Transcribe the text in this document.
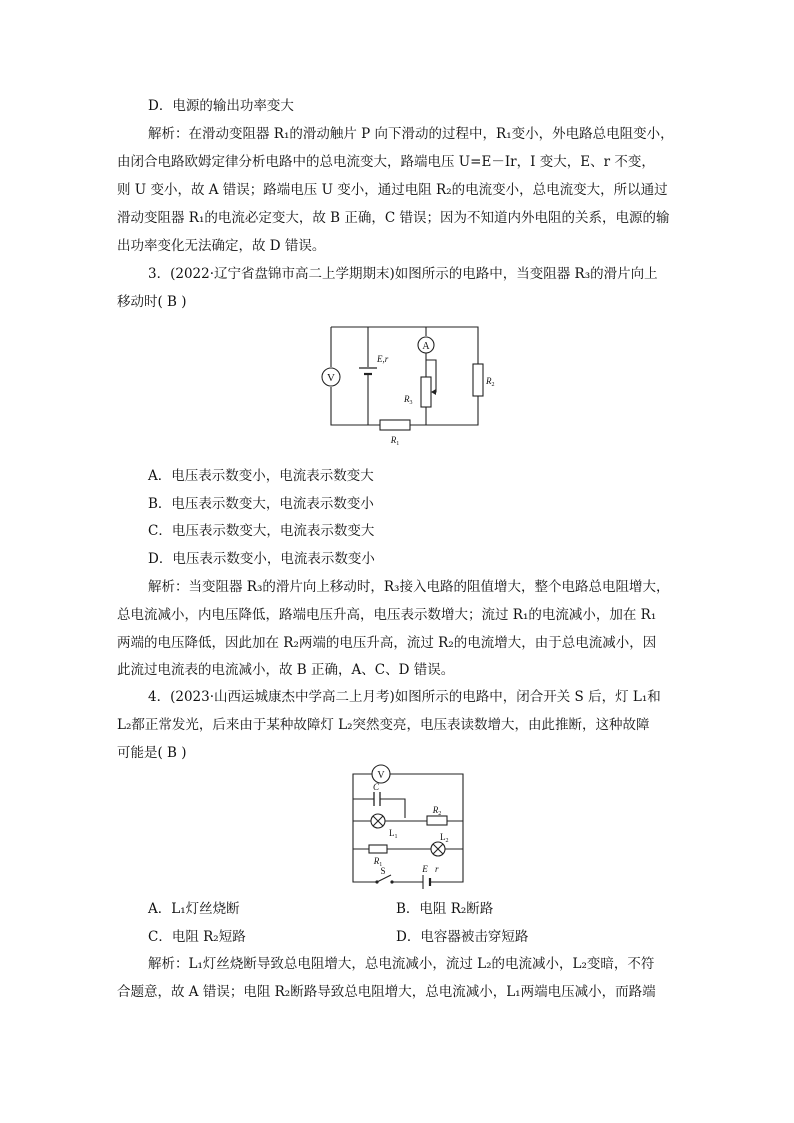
D．电源的输出功率变大
解析：在滑动变阻器 R₁的滑动触片 P 向下滑动的过程中，R₁变小，外电路总电阻变小，
由闭合电路欧姆定律分析电路中的总电流变大，路端电压 U=E－Ir，I 变大，E、r 不变，
则 U 变小，故 A 错误；路端电压 U 变小，通过电阻 R₂的电流变小，总电流变大，所以通过
滑动变阻器 R₁的电流必定变大，故 B 正确，C 错误；因为不知道内外电阻的关系，电源的输
出功率变化无法确定，故 D 错误。
3．(2022·辽宁省盘锦市高二上学期期末)如图所示的电路中，当变阻器 R₃的滑片向上
移动时( B )
V
E,r
A
$R_3$
$R_2$
$R_1$
A．电压表示数变小，电流表示数变大
B．电压表示数变大，电流表示数变小
C．电压表示数变大，电流表示数变大
D．电压表示数变小，电流表示数变小
解析：当变阻器 R₃的滑片向上移动时，R₃接入电路的阻值增大，整个电路总电阻增大，
总电流减小，内电压降低，路端电压升高，电压表示数增大；流过 R₁的电流减小，加在 R₁
两端的电压降低，因此加在 R₂两端的电压升高，流过 R₂的电流增大，由于总电流减小，因
此流过电流表的电流减小，故 B 正确，A、C、D 错误。
4．(2023·山西运城康杰中学高二上月考)如图所示的电路中，闭合开关 S 后，灯 L₁和
L₂都正常发光，后来由于某种故障灯 L₂突然变亮，电压表读数增大，由此推断，这种故障
可能是( B )
V
C
$L_1$
$R_2$
$R_1$
$L_2$
S	E r
A．L₁灯丝烧断	B．电阻 R₂断路
C．电阻 R₂短路	D．电容器被击穿短路
解析：L₁灯丝烧断导致总电阻增大，总电流减小，流过 L₂的电流减小，L₂变暗，不符
合题意，故 A 错误；电阻 R₂断路导致总电阻增大，总电流减小，L₁两端电压减小，而路端
